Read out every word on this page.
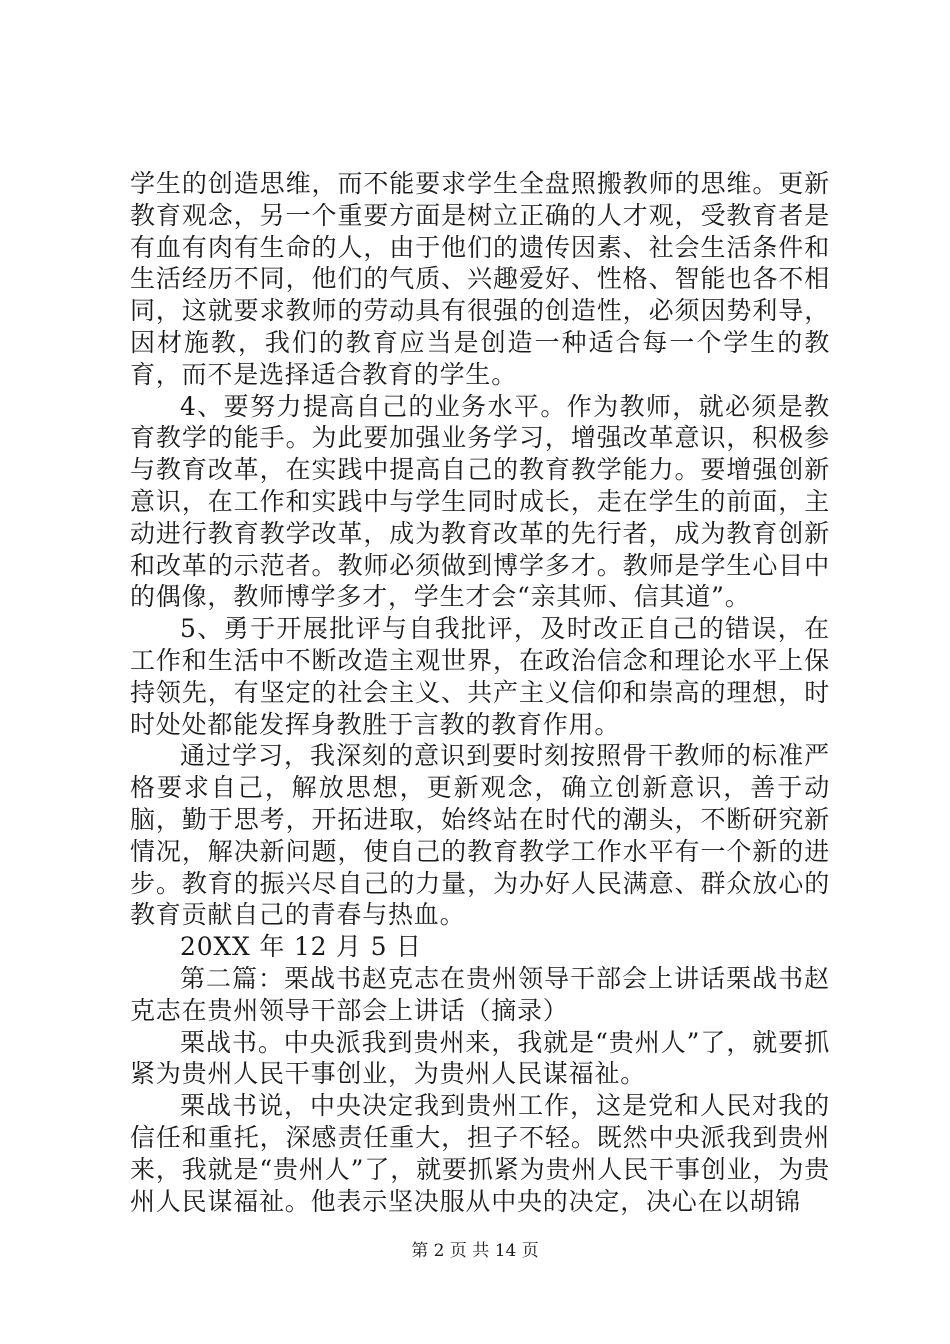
学生的创造思维，而不能要求学生全盘照搬教师的思维。更新教育观念，另一个重要方面是树立正确的人才观，受教育者是有血有肉有生命的人，由于他们的遗传因素、社会生活条件和生活经历不同，他们的气质、兴趣爱好、性格、智能也各不相同，这就要求教师的劳动具有很强的创造性，必须因势利导，因材施教，我们的教育应当是创造一种适合每一个学生的教育，而不是选择适合教育的学生。

4、要努力提高自己的业务水平。作为教师，就必须是教育教学的能手。为此要加强业务学习，增强改革意识，积极参与教育改革，在实践中提高自己的教育教学能力。要增强创新意识，在工作和实践中与学生同时成长，走在学生的前面，主动进行教育教学改革，成为教育改革的先行者，成为教育创新和改革的示范者。教师必须做到博学多才。教师是学生心目中的偶像，教师博学多才，学生才会“亲其师、信其道”。

5、勇于开展批评与自我批评，及时改正自己的错误，在工作和生活中不断改造主观世界，在政治信念和理论水平上保持领先，有坚定的社会主义、共产主义信仰和崇高的理想，时时处处都能发挥身教胜于言教的教育作用。

通过学习，我深刻的意识到要时刻按照骨干教师的标准严格要求自己，解放思想，更新观念，确立创新意识，善于动脑，勤于思考，开拓进取，始终站在时代的潮头，不断研究新情况，解决新问题，使自己的教育教学工作水平有一个新的进步。教育的振兴尽自己的力量，为办好人民满意、群众放心的教育贡献自己的青春与热血。

20XX 年 12 月 5 日

第二篇：栗战书赵克志在贵州领导干部会上讲话栗战书赵克志在贵州领导干部会上讲话（摘录）

栗战书。中央派我到贵州来，我就是“贵州人”了，就要抓紧为贵州人民干事创业，为贵州人民谋福祉。

栗战书说，中央决定我到贵州工作，这是党和人民对我的信任和重托，深感责任重大，担子不轻。既然中央派我到贵州来，我就是“贵州人”了，就要抓紧为贵州人民干事创业，为贵州人民谋福祉。他表示坚决服从中央的决定，决心在以胡锦

第 2 页 共 14 页
